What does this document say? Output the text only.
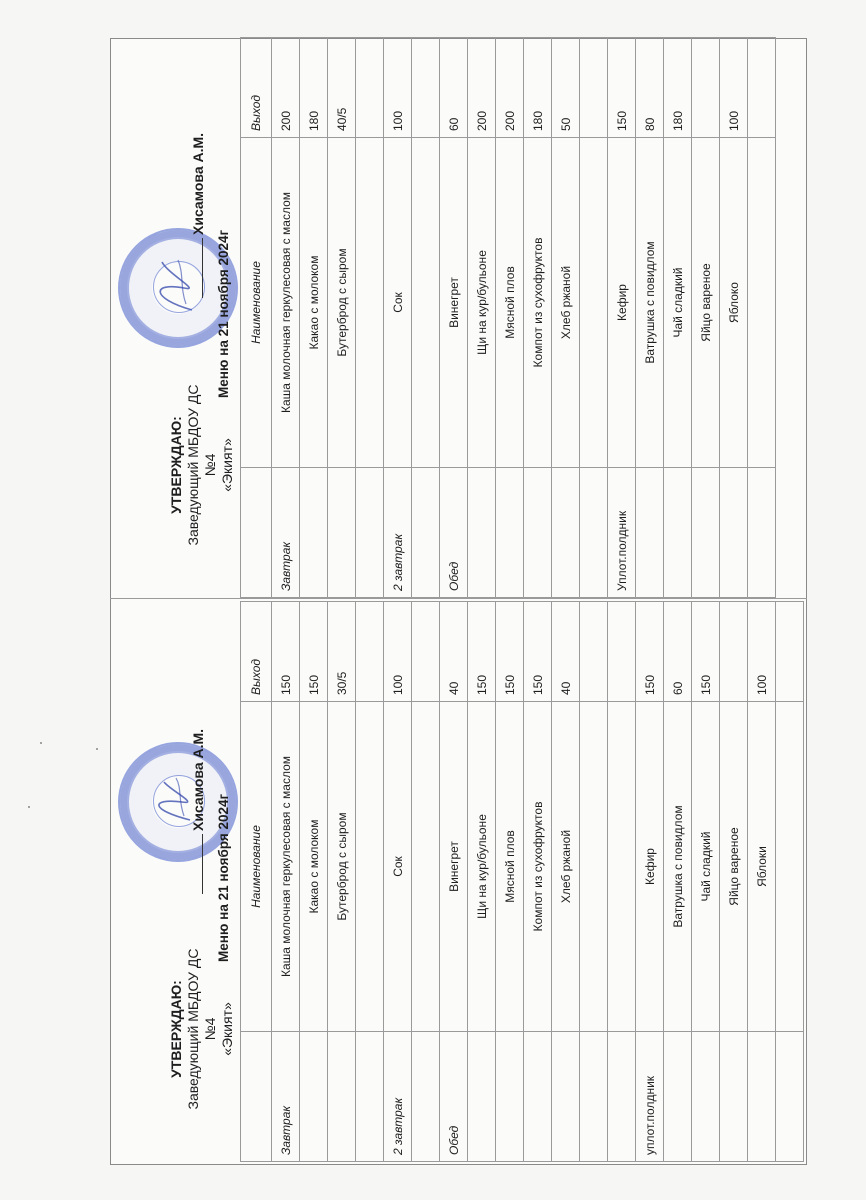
УТВЕРЖДАЮ: Заведующий МБДОУ ДС №4 «Экият»
Хисамова А.М.
Меню на 21 ноября 2024г
	Наименование	Выход
Завтрак	Каша молочная геркулесовая с маслом	150
	Какао с молоком	150
	Бутерброд с сыром	30/5

2 завтрак	Сок	100

Обед	Винегрет	40
	Щи на кур/бульоне	150
	Мясной плов	150
	Компот из сухофруктов	150
	Хлеб ржаной	40

уплот.полдник	Кефир	150
	Ватрушка с повидлом	60
	Чай сладкий	150
	Яйцо вареное	
	Яблоки	100

УТВЕРЖДАЮ: Заведующий МБДОУ ДС №4 «Экият»
Хисамова А.М.
Меню на 21 ноября 2024г
	Наименование	Выход
Завтрак	Каша молочная геркулесовая с маслом	200
	Какао с молоком	180
	Бутерброд с сыром	40/5

2 завтрак	Сок	100

Обед	Винегрет	60
	Щи на кур/бульоне	200
	Мясной плов	200
	Компот из сухофруктов	180
	Хлеб ржаной	50

Уплот.полдник	Кефир	150
	Ватрушка с повидлом	80
	Чай сладкий	180
	Яйцо вареное	
	Яблоко	100
